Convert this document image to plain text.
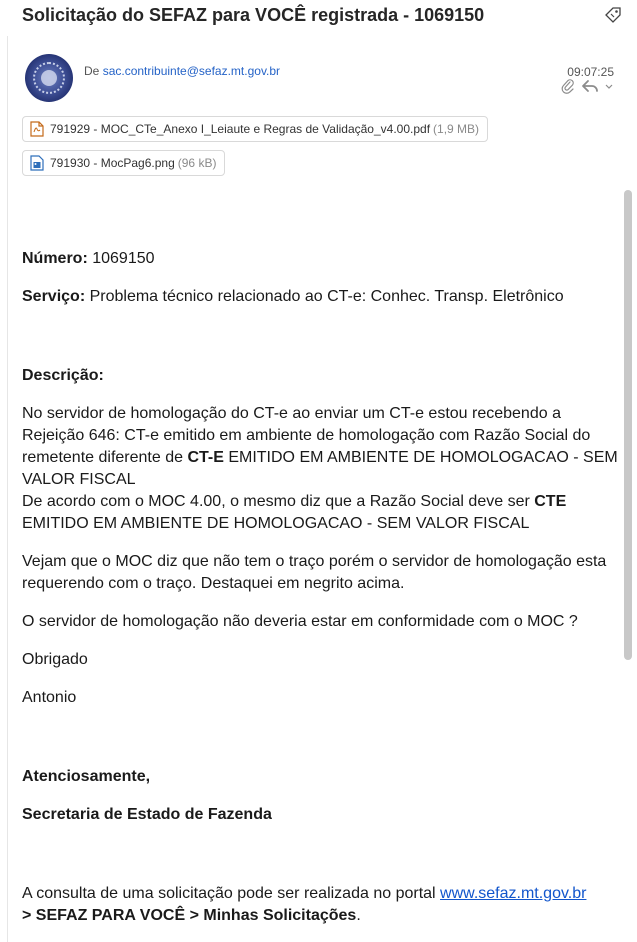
Solicitação do SEFAZ para VOCÊ registrada - 1069150
De sac.contribuinte@sefaz.mt.gov.br	09:07:25
791929 - MOC_CTe_Anexo I_Leiaute e Regras de Validação_v4.00.pdf (1,9 MB)
791930 - MocPag6.png (96 kB)

Número: 1069150

Serviço: Problema técnico relacionado ao CT-e: Conhec. Transp. Eletrônico

Descrição:

No servidor de homologação do CT-e ao enviar um CT-e estou recebendo a Rejeição 646: CT-e emitido em ambiente de homologação com Razão Social do remetente diferente de CT-E EMITIDO EM AMBIENTE DE HOMOLOGACAO - SEM VALOR FISCAL

De acordo com o MOC 4.00, o mesmo diz que a Razão Social deve ser CTE EMITIDO EM AMBIENTE DE HOMOLOGACAO - SEM VALOR FISCAL

Vejam que o MOC diz que não tem o traço porém o servidor de homologação esta requerendo com o traço. Destaquei em negrito acima.

O servidor de homologação não deveria estar em conformidade com o MOC ?

Obrigado

Antonio

Atenciosamente,

Secretaria de Estado de Fazenda

A consulta de uma solicitação pode ser realizada no portal www.sefaz.mt.gov.br
> SEFAZ PARA VOCÊ > Minhas Solicitações.
